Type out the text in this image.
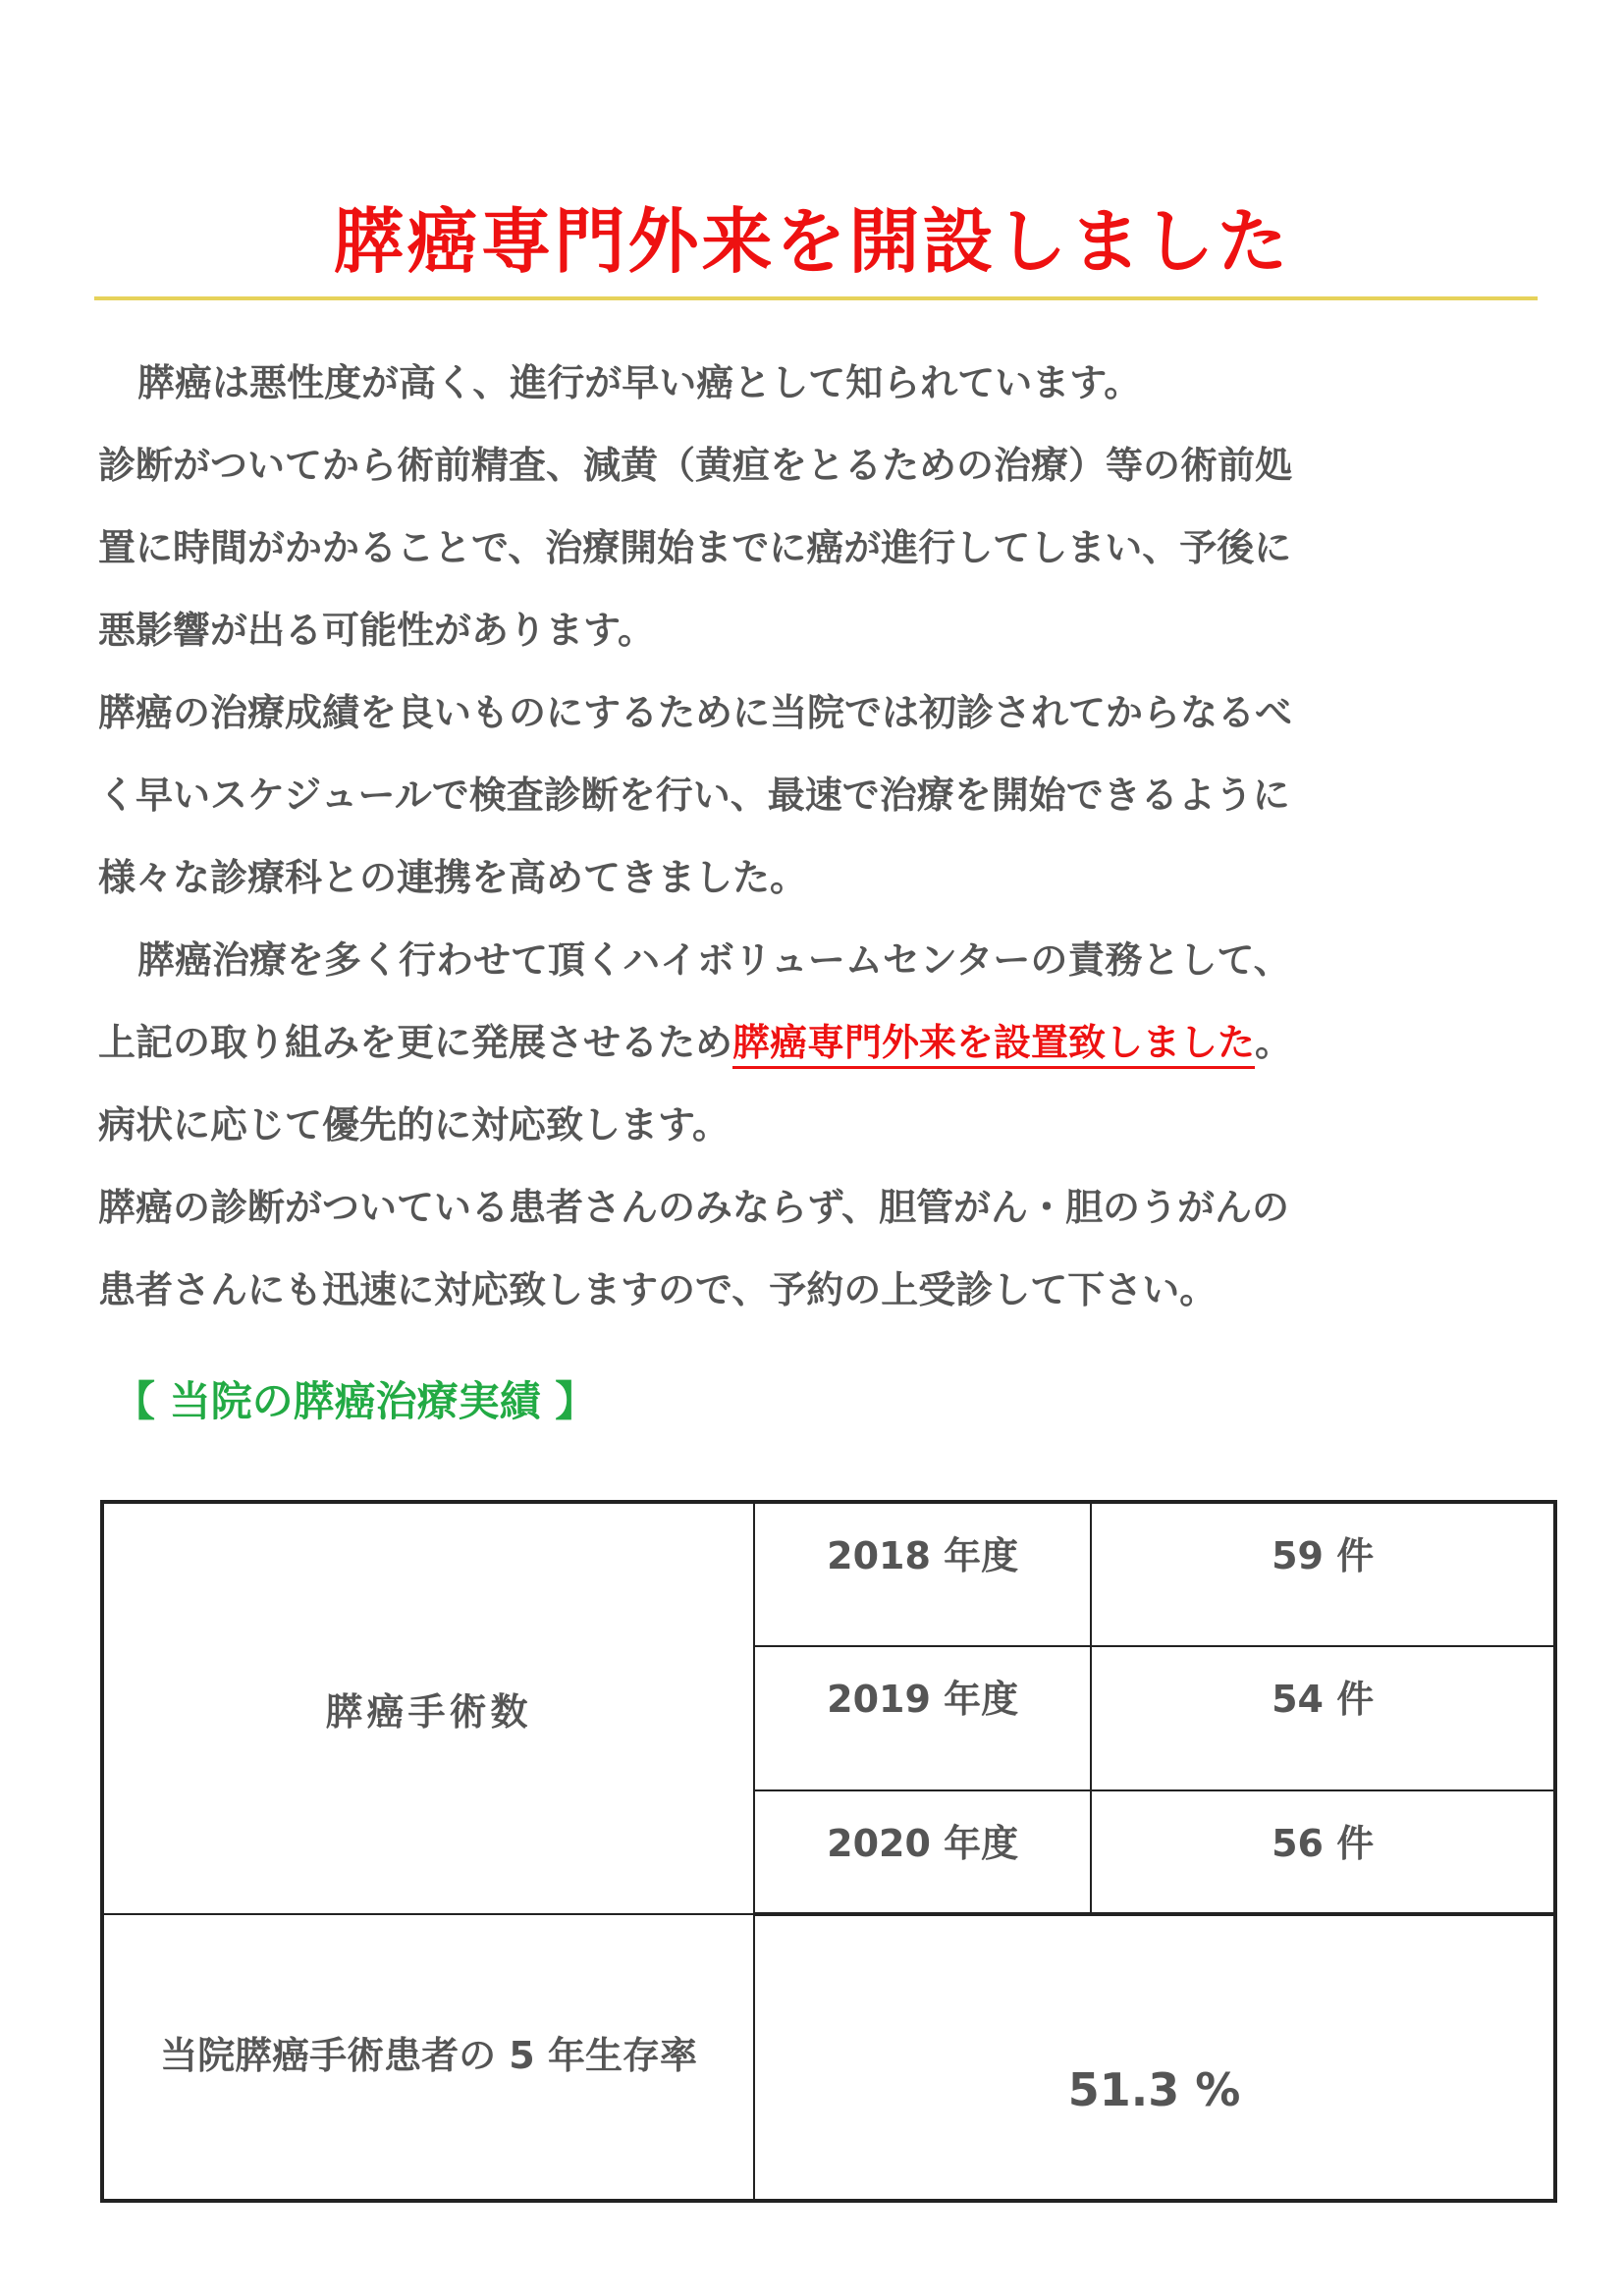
膵癌専門外来を開設しました
膵癌は悪性度が高く、進行が早い癌として知られています。
診断がついてから術前精査、減黄（黄疸をとるための治療）等の術前処
置に時間がかかることで、治療開始までに癌が進行してしまい、予後に
悪影響が出る可能性があります。
膵癌の治療成績を良いものにするために当院では初診されてからなるべ
く早いスケジュールで検査診断を行い、最速で治療を開始できるように
様々な診療科との連携を高めてきました。
膵癌治療を多く行わせて頂くハイボリュームセンターの責務として、
上記の取り組みを更に発展させるため膵癌専門外来を設置致しました。
病状に応じて優先的に対応致します。
膵癌の診断がついている患者さんのみならず、胆管がん・胆のうがんの
患者さんにも迅速に対応致しますので、予約の上受診して下さい。
【 当院の膵癌治療実績 】
膵癌手術数	2018 年度	59 件
	2019 年度	54 件
	2020 年度	56 件
当院膵癌手術患者の 5 年生存率	51.3 %	
